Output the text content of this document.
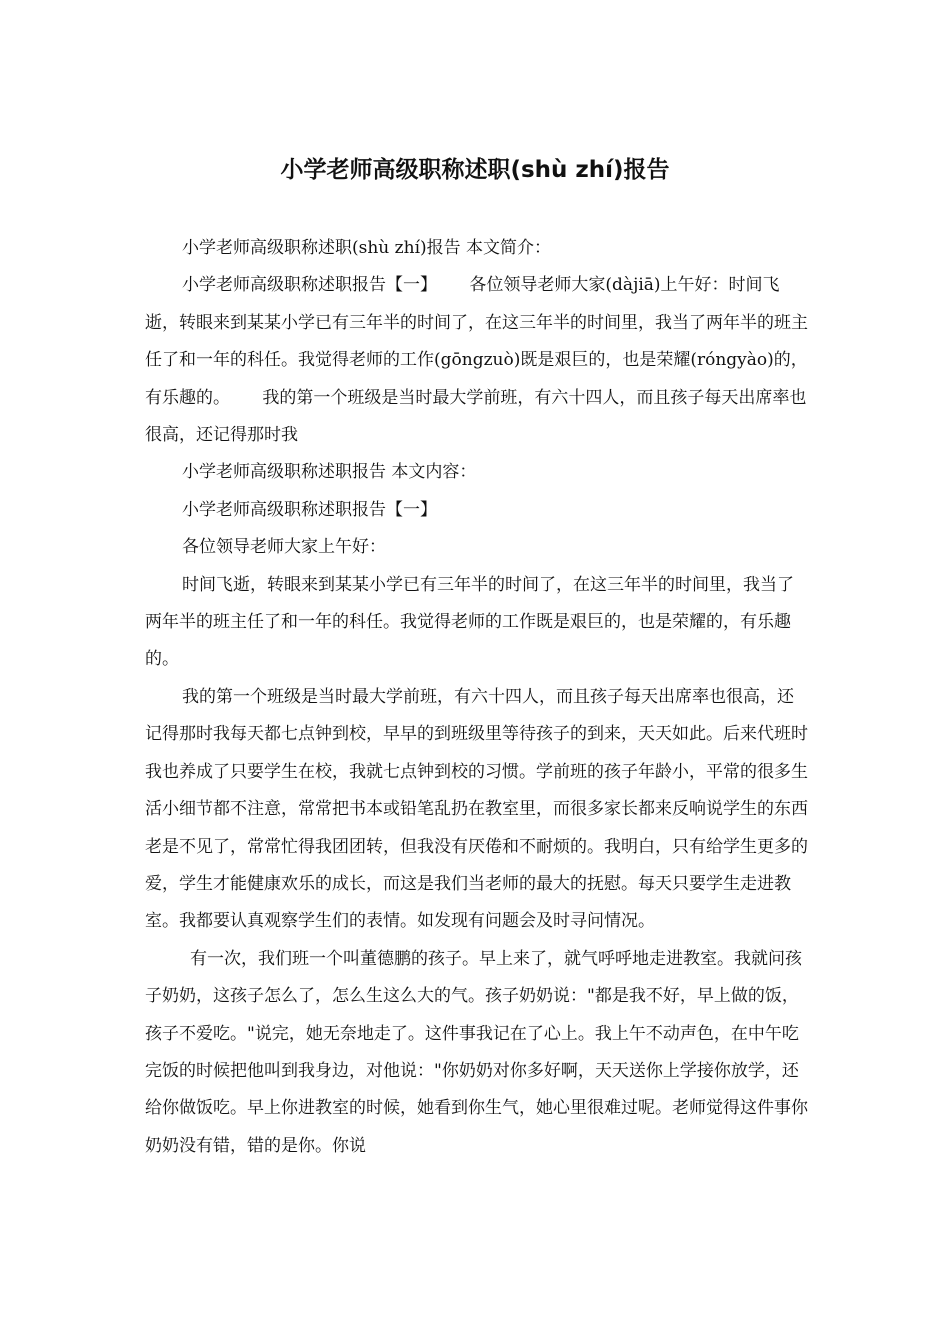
小学老师高级职称述职(shù zhí)报告

小学老师高级职称述职(shù zhí)报告 本文简介：

小学老师高级职称述职报告【一】      各位领导老师大家(dàjiā)上午好：时间飞逝，转眼来到某某小学已有三年半的时间了，在这三年半的时间里，我当了两年半的班主任了和一年的科任。我觉得老师的工作(gōngzuò)既是艰巨的，也是荣耀(róngyào)的，有乐趣的。      我的第一个班级是当时最大学前班，有六十四人，而且孩子每天出席率也很高，还记得那时我

小学老师高级职称述职报告 本文内容：

小学老师高级职称述职报告【一】

各位领导老师大家上午好：

时间飞逝，转眼来到某某小学已有三年半的时间了，在这三年半的时间里，我当了两年半的班主任了和一年的科任。我觉得老师的工作既是艰巨的，也是荣耀的，有乐趣的。

我的第一个班级是当时最大学前班，有六十四人，而且孩子每天出席率也很高，还记得那时我每天都七点钟到校，早早的到班级里等待孩子的到来，天天如此。后来代班时我也养成了只要学生在校，我就七点钟到校的习惯。学前班的孩子年龄小，平常的很多生活小细节都不注意，常常把书本或铅笔乱扔在教室里，而很多家长都来反响说学生的东西老是不见了，常常忙得我团团转，但我没有厌倦和不耐烦的。我明白，只有给学生更多的爱，学生才能健康欢乐的成长，而这是我们当老师的最大的抚慰。每天只要学生走进教室。我都要认真观察学生们的表情。如发现有问题会及时寻问情况。

有一次，我们班一个叫董德鹏的孩子。早上来了，就气呼呼地走进教室。我就问孩子奶奶，这孩子怎么了，怎么生这么大的气。孩子奶奶说："都是我不好，早上做的饭，孩子不爱吃。"说完，她无奈地走了。这件事我记在了心上。我上午不动声色，在中午吃完饭的时候把他叫到我身边，对他说："你奶奶对你多好啊，天天送你上学接你放学，还给你做饭吃。早上你进教室的时候，她看到你生气，她心里很难过呢。老师觉得这件事你奶奶没有错，错的是你。你说
